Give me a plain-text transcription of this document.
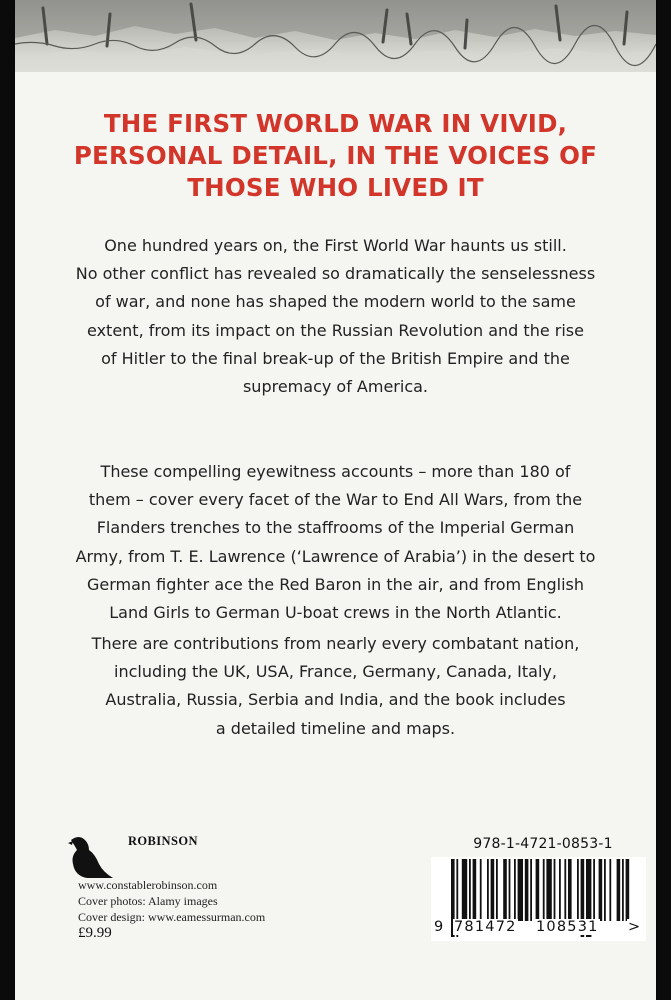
THE FIRST WORLD WAR IN VIVID,
PERSONAL DETAIL, IN THE VOICES OF
THOSE WHO LIVED IT

One hundred years on, the First World War haunts us still.
No other conflict has revealed so dramatically the senselessness
of war, and none has shaped the modern world to the same
extent, from its impact on the Russian Revolution and the rise
of Hitler to the final break-up of the British Empire and the
supremacy of America.

These compelling eyewitness accounts – more than 180 of
them – cover every facet of the War to End All Wars, from the
Flanders trenches to the staffrooms of the Imperial German
Army, from T. E. Lawrence (‘Lawrence of Arabia’) in the desert to
German fighter ace the Red Baron in the air, and from English
Land Girls to German U-boat crews in the North Atlantic.

There are contributions from nearly every combatant nation,
including the UK, USA, France, Germany, Canada, Italy,
Australia, Russia, Serbia and India, and the book includes
a detailed timeline and maps.

ROBINSON
www.constablerobinson.com
Cover photos: Alamy images
Cover design: www.eamessurman.com
£9.99
978-1-4721-0853-1
9 781472 108531 >
